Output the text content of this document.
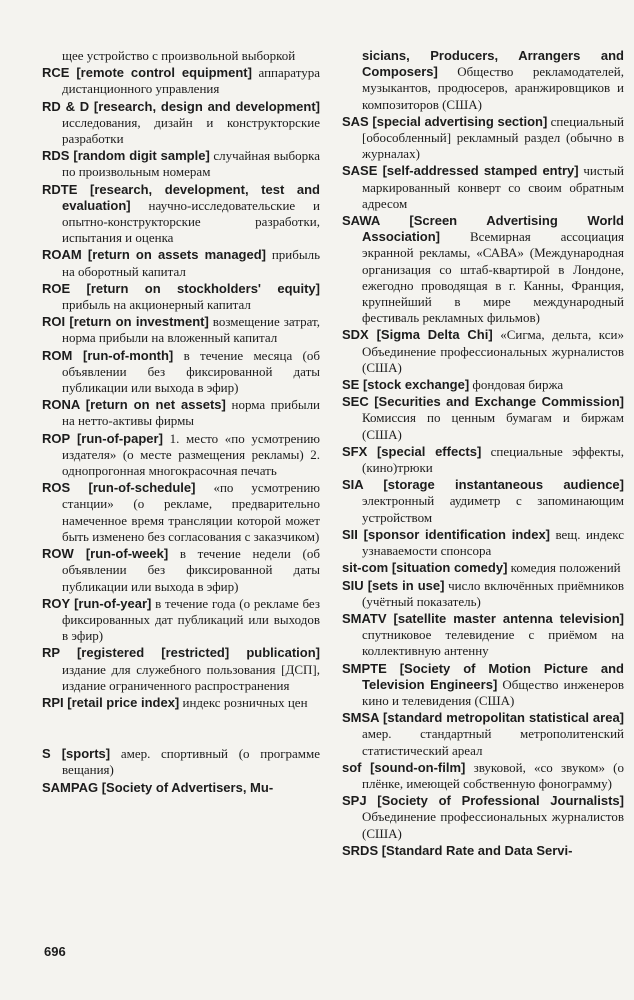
щее устройство с произвольной выборкой
RCE [remote control equipment] аппаратура дистанционного управления
RD & D [research, design and development] исследования, дизайн и конструкторские разработки
RDS [random digit sample] случайная выборка по произвольным номерам
RDTE [research, development, test and evaluation] научно-исследовательские и опытно-конструкторские разработки, испытания и оценка
ROAM [return on assets managed] прибыль на оборотный капитал
ROE [return on stockholders' equity] прибыль на акционерный капитал
ROI [return on investment] возмещение затрат, норма прибыли на вложенный капитал
ROM [run-of-month] в течение месяца (об объявлении без фиксированной даты публикации или выхода в эфир)
RONA [return on net assets] норма прибыли на нетто-активы фирмы
ROP [run-of-paper] 1. место «по усмотрению издателя» (о месте размещения рекламы) 2. однопрогонная многокрасочная печать
ROS [run-of-schedule] «по усмотрению станции» (о рекламе, предварительно намеченное время трансляции которой может быть изменено без согласования с заказчиком)
ROW [run-of-week] в течение недели (об объявлении без фиксированной даты публикации или выхода в эфир)
ROY [run-of-year] в течение года (о рекламе без фиксированных дат публикаций или выходов в эфир)
RP [registered [restricted] publication] издание для служебного пользования [ДСП], издание ограниченного распространения
RPI [retail price index] индекс розничных цен
S [sports] амер. спортивный (о программе вещания)
SAMPAG [Society of Advertisers, Mu-
sicians, Producers, Arrangers and Composers] Общество рекламодателей, музыкантов, продюсеров, аранжировщиков и композиторов (США)
SAS [special advertising section] специальный [обособленный] рекламный раздел (обычно в журналах)
SASE [self-addressed stamped entry] чистый маркированный конверт со своим обратным адресом
SAWA [Screen Advertising World Association] Всемирная ассоциация экранной рекламы, «САВА» (Международная организация со штаб-квартирой в Лондоне, ежегодно проводящая в г. Канны, Франция, крупнейший в мире международный фестиваль рекламных фильмов)
SDX [Sigma Delta Chi] «Сигма, дельта, кси» Объединение профессиональных журналистов (США)
SE [stock exchange] фондовая биржа
SEC [Securities and Exchange Commission] Комиссия по ценным бумагам и биржам (США)
SFX [special effects] специальные эффекты, (кино)трюки
SIA [storage instantaneous audience] электронный аудиметр с запоминающим устройством
SII [sponsor identification index] вещ. индекс узнаваемости спонсора
sit-com [situation comedy] комедия положений
SIU [sets in use] число включённых приёмников (учётный показатель)
SMATV [satellite master antenna television] спутниковое телевидение с приёмом на коллективную антенну
SMPTE [Society of Motion Picture and Television Engineers] Общество инженеров кино и телевидения (США)
SMSA [standard metropolitan statistical area] амер. стандартный метрополитенский статистический ареал
sof [sound-on-film] звуковой, «со звуком» (о плёнке, имеющей собственную фонограмму)
SPJ [Society of Professional Journalists] Объединение профессиональных журналистов (США)
SRDS [Standard Rate and Data Servi-
696
